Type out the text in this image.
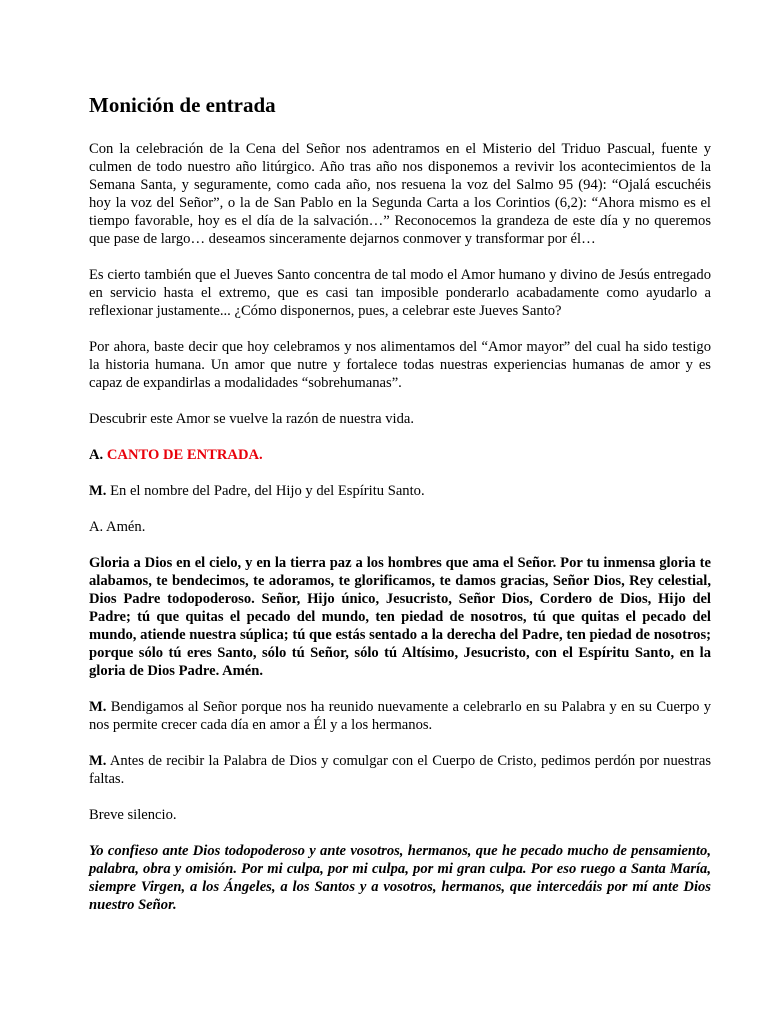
Monición de entrada

Con la celebración de la Cena del Señor nos adentramos en el Misterio del Triduo Pascual, fuente y culmen de todo nuestro año litúrgico. Año tras año nos disponemos a revivir los acontecimientos de la Semana Santa, y seguramente, como cada año, nos resuena la voz del Salmo 95 (94): “Ojalá escuchéis hoy la voz del Señor”, o la de San Pablo en la Segunda Carta a los Corintios (6,2): “Ahora mismo es el tiempo favorable, hoy es el día de la salvación…” Reconocemos la grandeza de este día y no queremos que pase de largo… deseamos sinceramente dejarnos conmover y transformar por él…

Es cierto también que el Jueves Santo concentra de tal modo el Amor humano y divino de Jesús entregado en servicio hasta el extremo, que es casi tan imposible ponderarlo acabadamente como ayudarlo a reflexionar justamente... ¿Cómo disponernos, pues, a celebrar este Jueves Santo?

Por ahora, baste decir que hoy celebramos y nos alimentamos del “Amor mayor” del cual ha sido testigo la historia humana. Un amor que nutre y fortalece todas nuestras experiencias humanas de amor y es capaz de expandirlas a modalidades “sobrehumanas”.

Descubrir este Amor se vuelve la razón de nuestra vida.

A. CANTO DE ENTRADA.

M. En el nombre del Padre, del Hijo y del Espíritu Santo.

A. Amén.

Gloria a Dios en el cielo, y en la tierra paz a los hombres que ama el Señor. Por tu inmensa gloria te alabamos, te bendecimos, te adoramos, te glorificamos, te damos gracias, Señor Dios, Rey celestial, Dios Padre todopoderoso. Señor, Hijo único, Jesucristo, Señor Dios, Cordero de Dios, Hijo del Padre; tú que quitas el pecado del mundo, ten piedad de nosotros, tú que quitas el pecado del mundo, atiende nuestra súplica; tú que estás sentado a la derecha del Padre, ten piedad de nosotros; porque sólo tú eres Santo, sólo tú Señor, sólo tú Altísimo, Jesucristo, con el Espíritu Santo, en la gloria de Dios Padre. Amén.

M. Bendigamos al Señor porque nos ha reunido nuevamente a celebrarlo en su Palabra y en su Cuerpo y nos permite crecer cada día en amor a Él y a los hermanos.

M. Antes de recibir la Palabra de Dios y comulgar con el Cuerpo de Cristo, pedimos perdón por nuestras faltas.

Breve silencio.

Yo confieso ante Dios todopoderoso y ante vosotros, hermanos, que he pecado mucho de pensamiento, palabra, obra y omisión. Por mi culpa, por mi culpa, por mi gran culpa. Por eso ruego a Santa María, siempre Virgen, a los Ángeles, a los Santos y a vosotros, hermanos, que intercedáis por mí ante Dios nuestro Señor.
